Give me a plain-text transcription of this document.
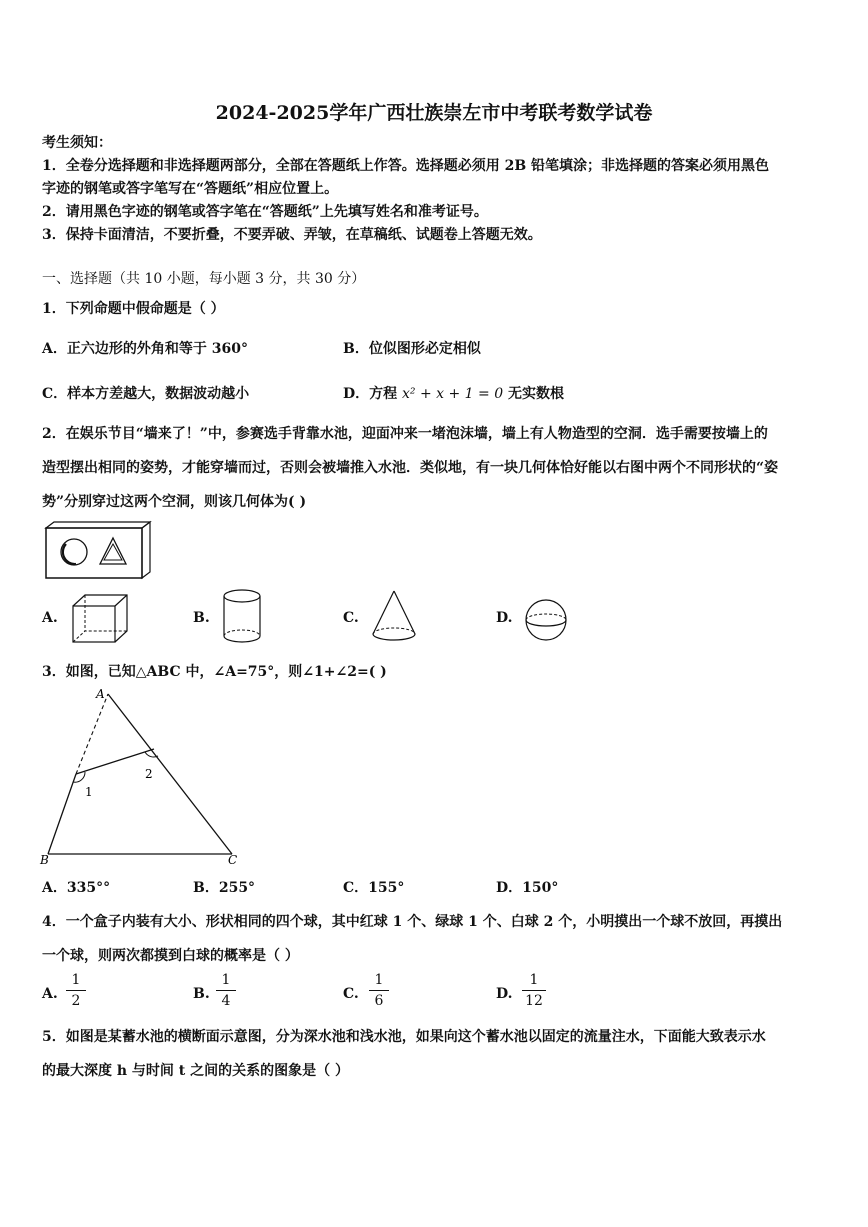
2024-2025学年广西壮族崇左市中考联考数学试卷
考生须知：
1．全卷分选择题和非选择题两部分，全部在答题纸上作答。选择题必须用 2B 铅笔填涂；非选择题的答案必须用黑色
字迹的钢笔或答字笔写在“答题纸”相应位置上。
2．请用黑色字迹的钢笔或答字笔在“答题纸”上先填写姓名和准考证号。
3．保持卡面清洁，不要折叠，不要弄破、弄皱，在草稿纸、试题卷上答题无效。
一、选择题（共 10 小题，每小题 3 分，共 30 分）
1．下列命题中假命题是（ ）
A．正六边形的外角和等于 360°	B．位似图形必定相似
C．样本方差越大，数据波动越小	D．方程 x² + x + 1 = 0 无实数根
2．在娱乐节目“墙来了！”中，参赛选手背靠水池，迎面冲来一堵泡沫墙，墙上有人物造型的空洞．选手需要按墙上的
造型摆出相同的姿势，才能穿墙而过，否则会被墙推入水池．类似地，有一块几何体恰好能以右图中两个不同形状的“姿
势”分别穿过这两个空洞，则该几何体为( )
A.	B.	C.	D.
3．如图，已知△ABC 中，∠A=75°，则∠1+∠2=( )
A
B	C
1
2
A．335°°	B．255°	C．155°	D．150°
4．一个盒子内装有大小、形状相同的四个球，其中红球 1 个、绿球 1 个、白球 2 个，小明摸出一个球不放回，再摸出
一个球，则两次都摸到白球的概率是（ ）
A. $\frac{1}{2}$	B. $\frac{1}{4}$	C. $\frac{1}{6}$	D. $\frac{1}{12}$
5．如图是某蓄水池的横断面示意图，分为深水池和浅水池，如果向这个蓄水池以固定的流量注水，下面能大致表示水
的最大深度 h 与时间 t 之间的关系的图象是（ ）
